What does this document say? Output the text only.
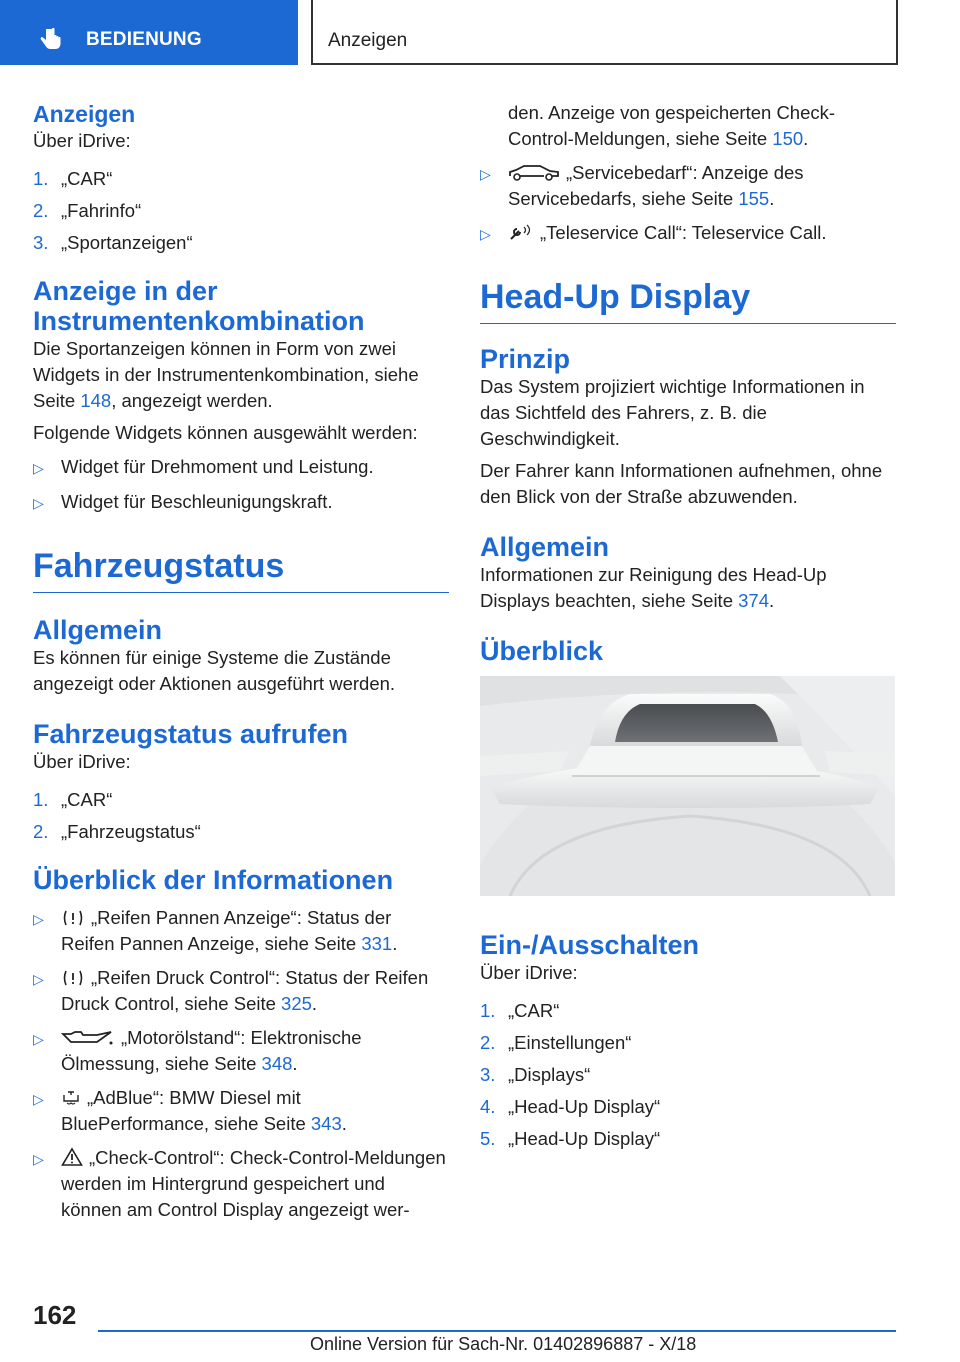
BEDIENUNG	Anzeigen
Anzeigen

Über iDrive:

1. „CAR“
2. „Fahrinfo“
3. „Sportanzeigen“
Anzeige in der
Instrumentenkombination

Die Sportanzeigen können in Form von zwei Widgets in der Instrumentenkombination, siehe Seite 148, angezeigt werden.

Folgende Widgets können ausgewählt werden:

▷ Widget für Drehmoment und Leistung.
▷ Widget für Beschleunigungskraft.
Fahrzeugstatus
Allgemein

Es können für einige Systeme die Zustände angezeigt oder Aktionen ausgeführt werden.

Fahrzeugstatus aufrufen

Über iDrive:

1. „CAR“
2. „Fahrzeugstatus“
Überblick der Informationen
▷	„Reifen Pannen Anzeige“: Status der Reifen Pannen Anzeige, siehe Seite 331.
▷	„Reifen Druck Control“: Status der Reifen Druck Control, siehe Seite 325.
▷	„Motorölstand“: Elektronische Ölmessung, siehe Seite 348.
▷	„AdBlue“: BMW Diesel mit BluePerformance, siehe Seite 343.
▷	„Check-Control“: Check-Control-Meldungen werden im Hintergrund gespeichert und können am Control Display angezeigt wer-
den. Anzeige von gespeicherten Check-Control-Meldungen, siehe Seite 150.
▷	„Servicebedarf“: Anzeige des Servicebedarfs, siehe Seite 155.
▷	„Teleservice Call“: Teleservice Call.
Head-Up Display
Prinzip

Das System projiziert wichtige Informationen in das Sichtfeld des Fahrers, z. B. die Geschwindigkeit.

Der Fahrer kann Informationen aufnehmen, ohne den Blick von der Straße abzuwenden.

Allgemein

Informationen zur Reinigung des Head-Up Displays beachten, siehe Seite 374.

Überblick
Ein-/Ausschalten

Über iDrive:

1. „CAR“
2. „Einstellungen“
3. „Displays“
4. „Head-Up Display“
5. „Head-Up Display“
162
Online Version für Sach-Nr. 01402896887 - X/18
